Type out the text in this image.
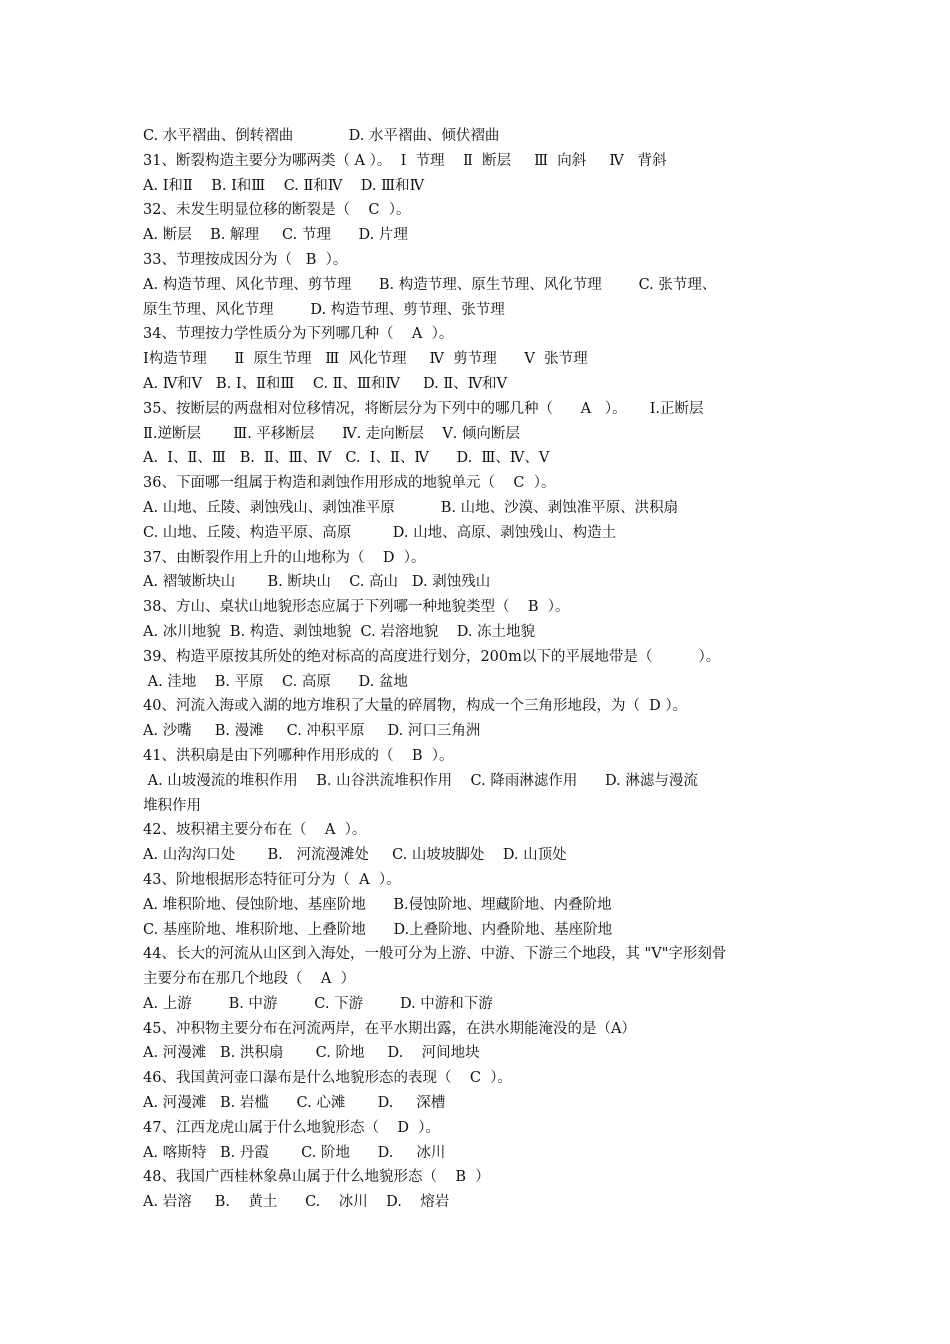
C. 水平褶曲、倒转褶曲            D. 水平褶曲、倾伏褶曲
31、断裂构造主要分为哪两类（ A ）。  Ⅰ  节理    Ⅱ  断层     Ⅲ  向斜     Ⅳ   背斜
A. Ⅰ和Ⅱ    B. Ⅰ和Ⅲ    C. Ⅱ和Ⅳ    D. Ⅲ和Ⅳ
32、未发生明显位移的断裂是（    C  ）。
A. 断层    B. 解理     C. 节理      D. 片理
33、节理按成因分为（   B  ）。
A. 构造节理、风化节理、剪节理      B. 构造节理、原生节理、风化节理        C. 张节理、
原生节理、风化节理        D. 构造节理、剪节理、张节理
34、节理按力学性质分为下列哪几种（    A  ）。
Ⅰ构造节理      Ⅱ  原生节理   Ⅲ  风化节理     Ⅳ  剪节理      Ⅴ  张节理
A. Ⅳ和Ⅴ   B. Ⅰ、Ⅱ和Ⅲ    C. Ⅱ、Ⅲ和Ⅳ     D. Ⅱ、Ⅳ和Ⅴ
35、按断层的两盘相对位移情况，将断层分为下列中的哪几种（      A   ）。     Ⅰ.正断层
Ⅱ.逆断层       Ⅲ. 平移断层      Ⅳ. 走向断层    Ⅴ. 倾向断层
A.  Ⅰ、Ⅱ、Ⅲ   B.  Ⅱ、Ⅲ、Ⅳ   C.  Ⅰ、Ⅱ、Ⅳ      D.  Ⅲ、Ⅳ、Ⅴ
36、下面哪一组属于构造和剥蚀作用形成的地貌单元（    C  ）。
A. 山地、丘陵、剥蚀残山、剥蚀准平原          B. 山地、沙漠、剥蚀准平原、洪积扇
C. 山地、丘陵、构造平原、高原         D. 山地、高原、剥蚀残山、构造土
37、由断裂作用上升的山地称为（    D  ）。
A. 褶皱断块山       B. 断块山    C. 高山   D. 剥蚀残山
38、方山、桌状山地貌形态应属于下列哪一种地貌类型（    B  ）。
A. 冰川地貌  B. 构造、剥蚀地貌  C. 岩溶地貌    D. 冻土地貌
39、构造平原按其所处的绝对标高的高度进行划分，200m以下的平展地带是（          ）。
A. 洼地    B. 平原    C. 高原      D. 盆地
40、河流入海或入湖的地方堆积了大量的碎屑物，构成一个三角形地段，为（  D ）。
A. 沙嘴     B. 漫滩     C. 冲积平原     D. 河口三角洲
41、洪积扇是由下列哪种作用形成的（    B  ）。
A. 山坡漫流的堆积作用    B. 山谷洪流堆积作用    C. 降雨淋滤作用      D. 淋滤与漫流
堆积作用
42、坡积裙主要分布在（    A  ）。
A. 山沟沟口处       B.   河流漫滩处     C. 山坡坡脚处    D. 山顶处
43、阶地根据形态特征可分为（  A  ）。
A. 堆积阶地、侵蚀阶地、基座阶地      B.侵蚀阶地、埋藏阶地、内叠阶地
C. 基座阶地、堆积阶地、上叠阶地      D.上叠阶地、内叠阶地、基座阶地
44、长大的河流从山区到入海处，一般可分为上游、中游、下游三个地段，其 "V"字形刻骨
主要分布在那几个地段（    A  ）
A. 上游        B. 中游        C. 下游        D. 中游和下游
45、冲积物主要分布在河流两岸，在平水期出露，在洪水期能淹没的是（A）
A. 河漫滩   B. 洪积扇       C. 阶地     D.    河间地块
46、我国黄河壶口瀑布是什么地貌形态的表现（    C  ）。
A. 河漫滩   B. 岩槛      C. 心滩       D.     深槽
47、江西龙虎山属于什么地貌形态（    D  ）。
A. 喀斯特   B. 丹霞       C. 阶地      D.     冰川
48、我国广西桂林象鼻山属于什么地貌形态（    B  ）
A. 岩溶     B.    黄土      C.    冰川    D.    熔岩
